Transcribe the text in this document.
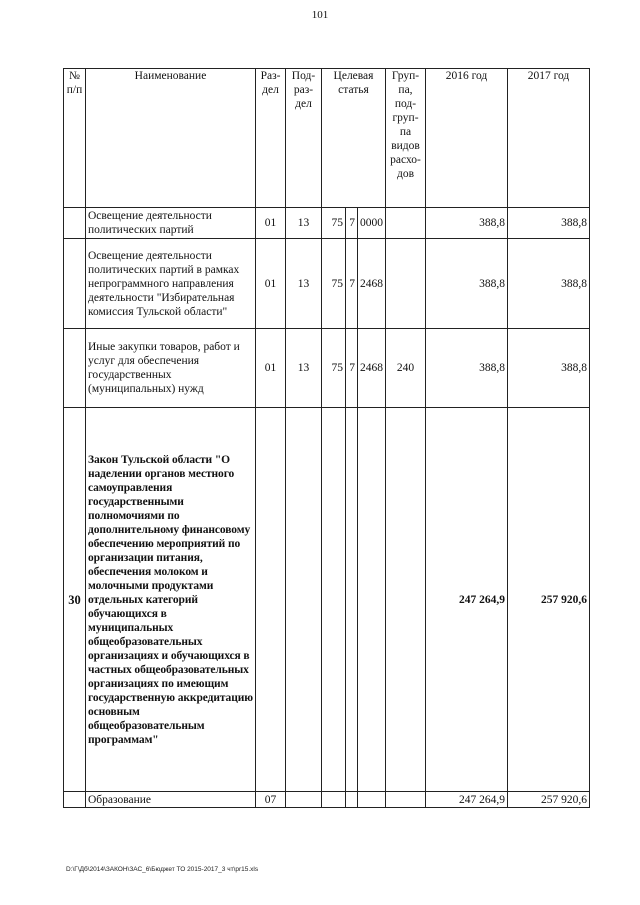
101
№ п/п	Наименование	Раз-дел	Под-раз-дел	Целевая статья			Груп-па, под-груп-па видов расхо-дов	2016 год	2017 год
	Освещение деятельности политических партий	01	13	75	7	0000		388,8	388,8
	Освещение деятельности политических партий в рамках непрограммного направления деятельности "Избирательная комиссия Тульской области"	01	13	75	7	2468		388,8	388,8
	Иные закупки товаров, работ и услуг для обеспечения государственных (муниципальных) нужд	01	13	75	7	2468	240	388,8	388,8
30	Закон Тульской области "О наделении органов местного самоуправления государственными полномочиями по дополнительному финансовому обеспечению мероприятий по организации питания, обеспечения молоком и молочными продуктами отдельных категорий обучающихся в муниципальных общеобразовательных организациях и обучающихся в частных общеобразовательных организациях по имеющим государственную аккредитацию основным общеобразовательным программам"							247 264,9	257 920,6
	Образование	07						247 264,9	257 920,6
D:\Г\Дб\2014\ЗАКОН\ЗАС_6\Бюджет ТО 2015-2017_3 чт\pr15.xls
